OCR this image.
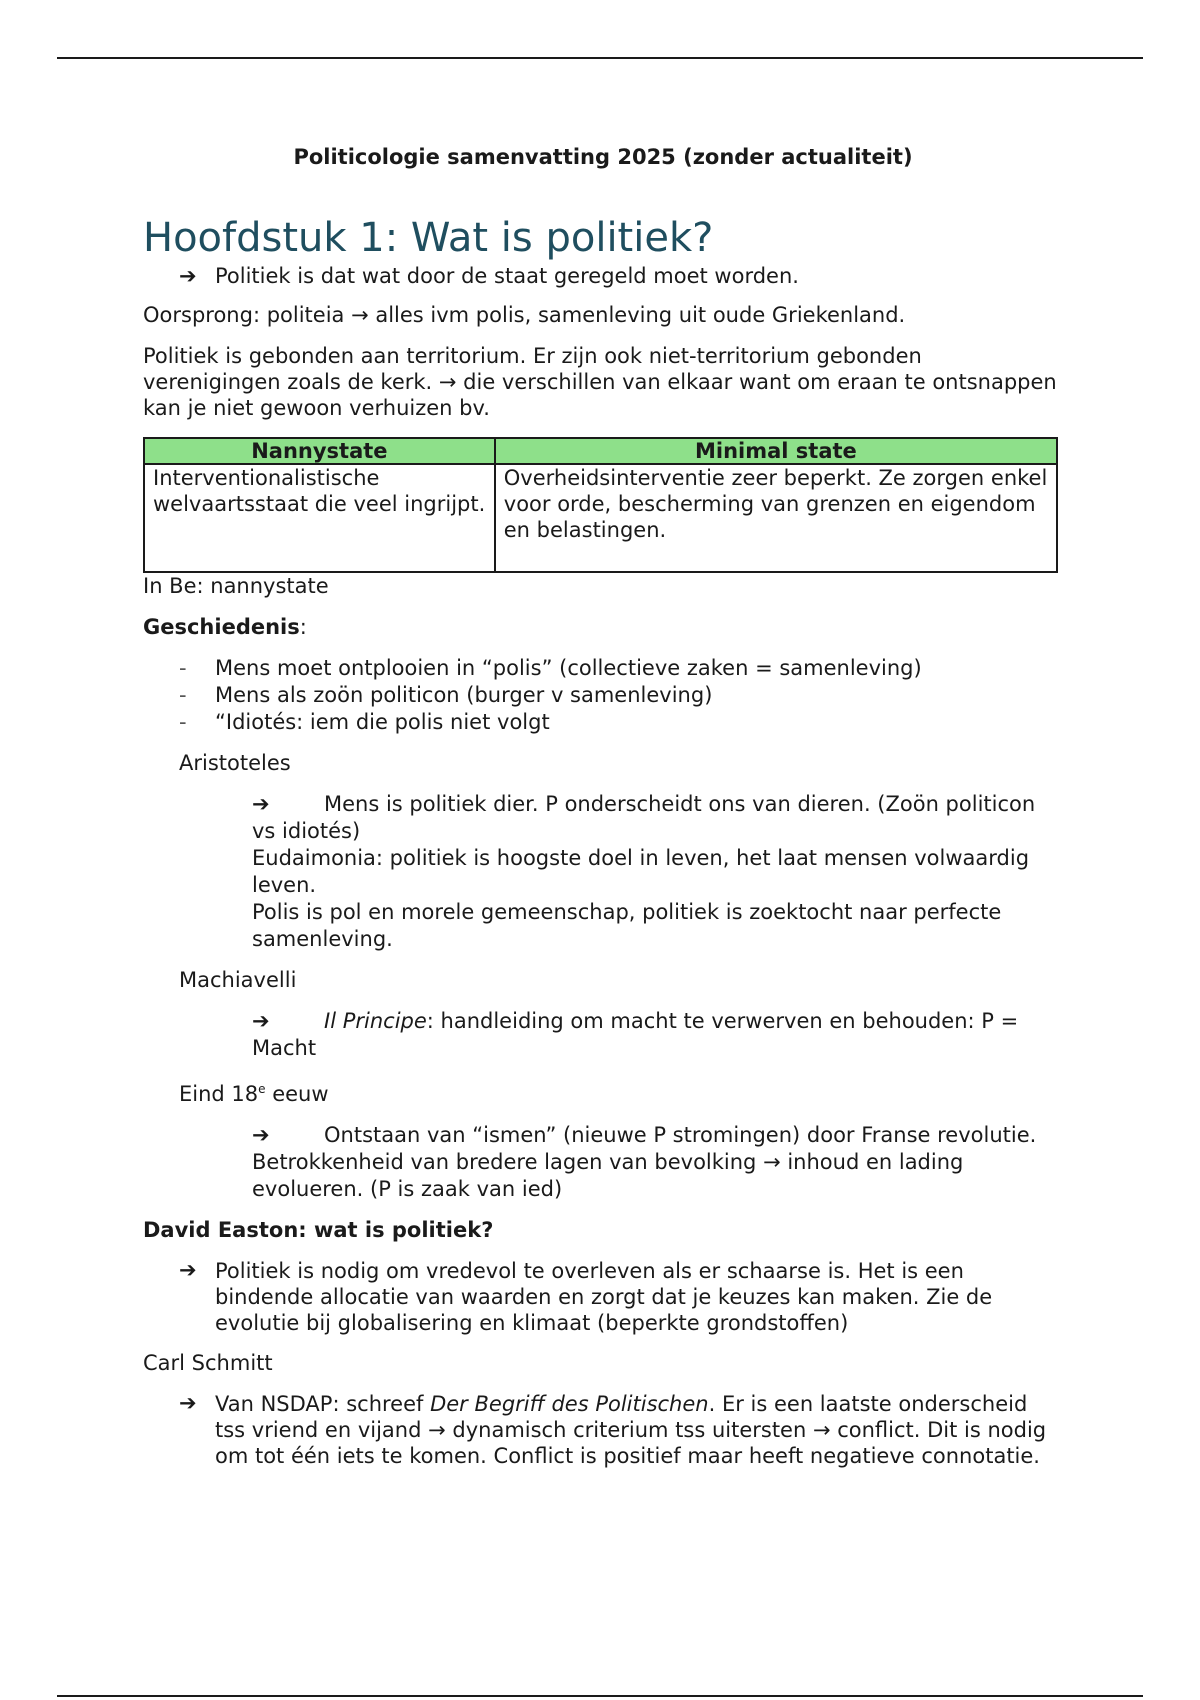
Politicologie samenvatting 2025 (zonder actualiteit)

Hoofdstuk 1: Wat is politiek?
➔ Politiek is dat wat door de staat geregeld moet worden.

Oorsprong: politeia → alles ivm polis, samenleving uit oude Griekenland.

Politiek is gebonden aan territorium. Er zijn ook niet-territorium gebonden verenigingen zoals de kerk. → die verschillen van elkaar want om eraan te ontsnappen kan je niet gewoon verhuizen bv.

Nannystate	Minimal state
Interventionalistische welvaartsstaat die veel ingrijpt.	Overheidsinterventie zeer beperkt. Ze zorgen enkel voor orde, bescherming van grenzen en eigendom en belastingen.

In Be: nannystate

Geschiedenis:

- Mens moet ontplooien in “polis” (collectieve zaken = samenleving)
- Mens als zoön politicon (burger v samenleving)
- “Idiotés: iem die polis niet volgt

Aristoteles

➔	Mens is politiek dier. P onderscheidt ons van dieren. (Zoön politicon vs idiotés)

Eudaimonia: politiek is hoogste doel in leven, het laat mensen volwaardig leven.

Polis is pol en morele gemeenschap, politiek is zoektocht naar perfecte samenleving.

Machiavelli

➔	Il Principe: handleiding om macht te verwerven en behouden: P = Macht

Eind 18e eeuw

➔	Ontstaan van “ismen” (nieuwe P stromingen) door Franse revolutie. Betrokkenheid van bredere lagen van bevolking → inhoud en lading evolueren. (P is zaak van ied)

David Easton: wat is politiek?

➔ Politiek is nodig om vredevol te overleven als er schaarse is. Het is een bindende allocatie van waarden en zorgt dat je keuzes kan maken. Zie de evolutie bij globalisering en klimaat (beperkte grondstoffen)

Carl Schmitt

➔ Van NSDAP: schreef Der Begriff des Politischen. Er is een laatste onderscheid tss vriend en vijand → dynamisch criterium tss uitersten → conflict. Dit is nodig om tot één iets te komen. Conflict is positief maar heeft negatieve connotatie.
